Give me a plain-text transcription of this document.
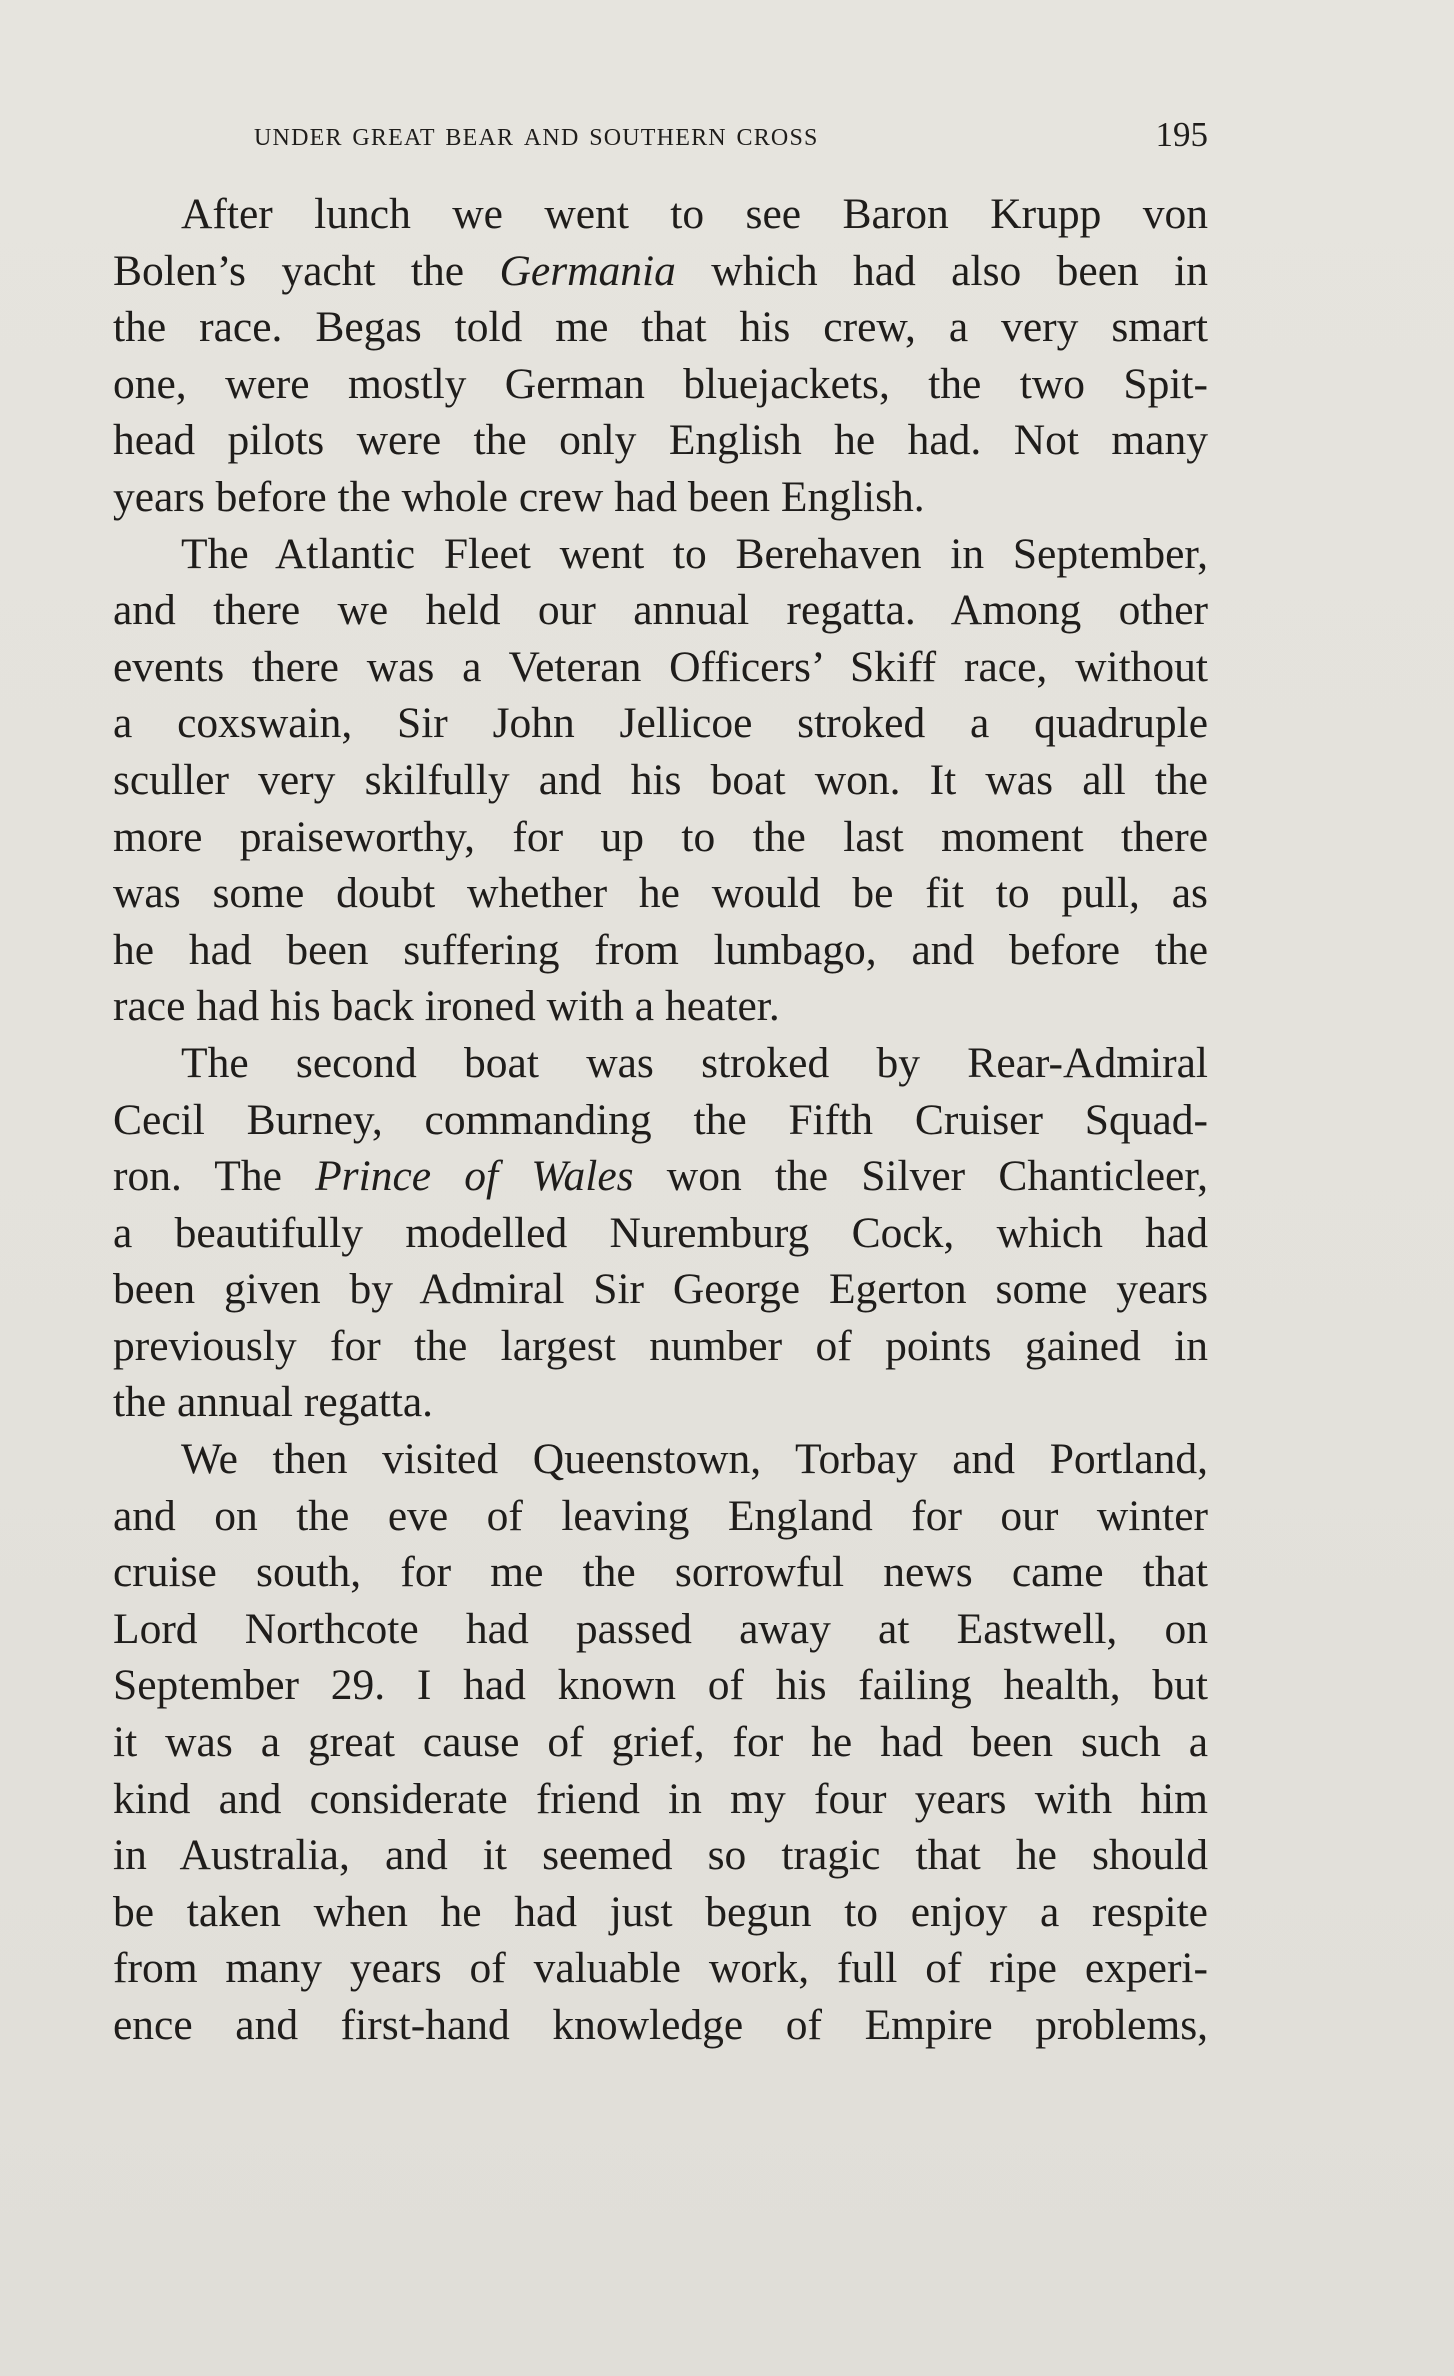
under great bear and southern cross	195
After lunch we went to see Baron Krupp von
Bolen’s yacht the Germania which had also been in
the race. Begas told me that his crew, a very smart
one, were mostly German bluejackets, the two Spit-
head pilots were the only English he had. Not many
years before the whole crew had been English.
The Atlantic Fleet went to Berehaven in September,
and there we held our annual regatta. Among other
events there was a Veteran Officers’ Skiff race, without
a coxswain, Sir John Jellicoe stroked a quadruple
sculler very skilfully and his boat won. It was all the
more praiseworthy, for up to the last moment there
was some doubt whether he would be fit to pull, as
he had been suffering from lumbago, and before the
race had his back ironed with a heater.
The second boat was stroked by Rear-Admiral
Cecil Burney, commanding the Fifth Cruiser Squad-
ron. The Prince of Wales won the Silver Chanticleer,
a beautifully modelled Nuremburg Cock, which had
been given by Admiral Sir George Egerton some years
previously for the largest number of points gained in
the annual regatta.
We then visited Queenstown, Torbay and Portland,
and on the eve of leaving England for our winter
cruise south, for me the sorrowful news came that
Lord Northcote had passed away at Eastwell, on
September 29. I had known of his failing health, but
it was a great cause of grief, for he had been such a
kind and considerate friend in my four years with him
in Australia, and it seemed so tragic that he should
be taken when he had just begun to enjoy a respite
from many years of valuable work, full of ripe experi-
ence and first-hand knowledge of Empire problems,
